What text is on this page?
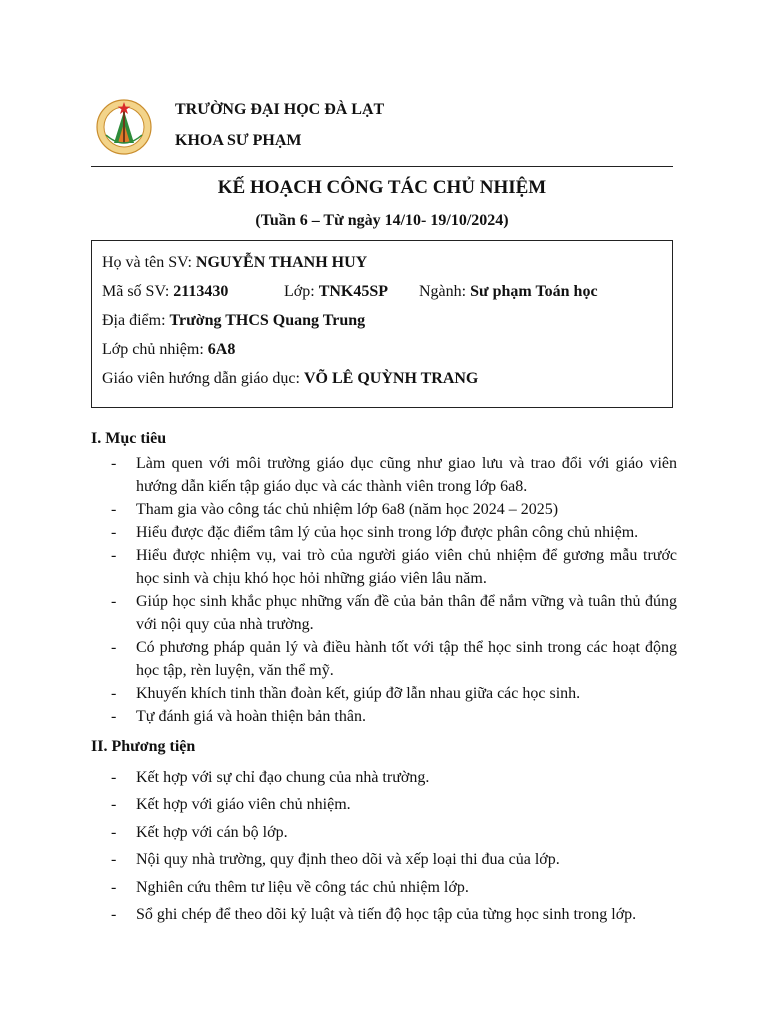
TRƯỜNG ĐẠI HỌC ĐÀ LẠT
KHOA SƯ PHẠM
KẾ HOẠCH CÔNG TÁC CHỦ NHIỆM
(Tuần 6 – Từ ngày 14/10- 19/10/2024)
Họ và tên SV: NGUYỄN THANH HUY
Mã số SV: 2113430	Lớp: TNK45SP Ngành: Sư phạm Toán học
Địa điểm: Trường THCS Quang Trung
Lớp chủ nhiệm: 6A8
Giáo viên hướng dẫn giáo dục: VÕ LÊ QUỲNH TRANG
I. Mục tiêu
- Làm quen với môi trường giáo dục cũng như giao lưu và trao đổi với giáo viên hướng dẫn kiến tập giáo dục và các thành viên trong lớp 6a8.
- Tham gia vào công tác chủ nhiệm lớp 6a8 (năm học 2024 – 2025)
- Hiểu được đặc điểm tâm lý của học sinh trong lớp được phân công chủ nhiệm.
- Hiểu được nhiệm vụ, vai trò của người giáo viên chủ nhiệm để gương mẫu trước học sinh và chịu khó học hỏi những giáo viên lâu năm.
- Giúp học sinh khắc phục những vấn đề của bản thân để nắm vững và tuân thủ đúng với nội quy của nhà trường.
- Có phương pháp quản lý và điều hành tốt với tập thể học sinh trong các hoạt động học tập, rèn luyện, văn thể mỹ.
- Khuyến khích tinh thần đoàn kết, giúp đỡ lẫn nhau giữa các học sinh.
- Tự đánh giá và hoàn thiện bản thân.
II. Phương tiện
- Kết hợp với sự chỉ đạo chung của nhà trường.
- Kết hợp với giáo viên chủ nhiệm.
- Kết hợp với cán bộ lớp.
- Nội quy nhà trường, quy định theo dõi và xếp loại thi đua của lớp.
- Nghiên cứu thêm tư liệu về công tác chủ nhiệm lớp.
- Sổ ghi chép để theo dõi kỷ luật và tiến độ học tập của từng học sinh trong lớp.
